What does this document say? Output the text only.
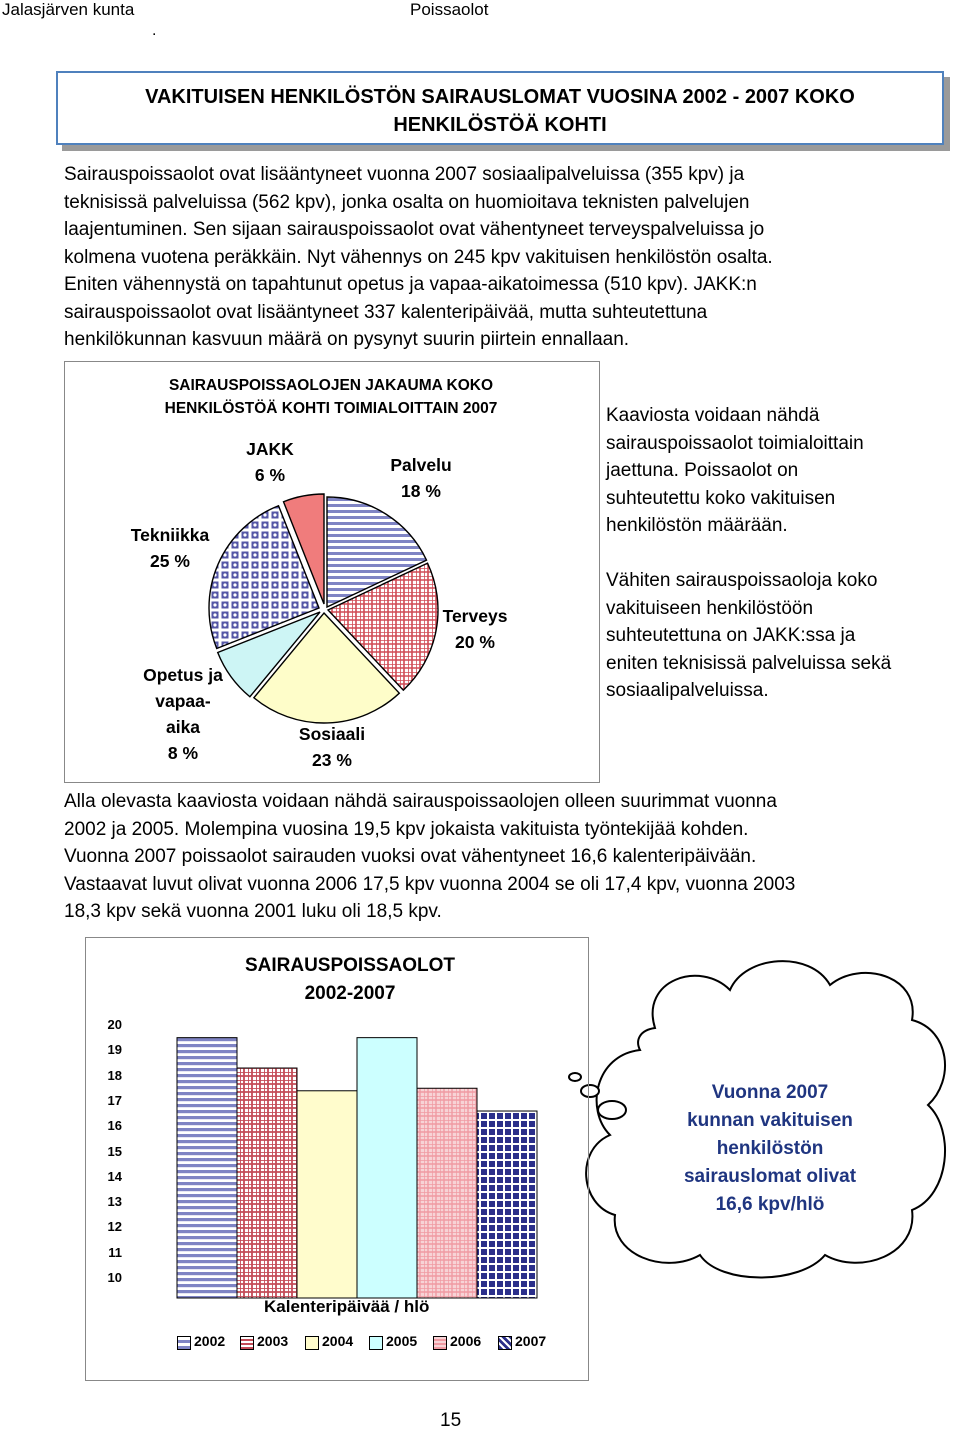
Jalasjärven kunta	Poissaolot
.
VAKITUISEN HENKILÖSTÖN SAIRAUSLOMAT VUOSINA 2002 - 2007 KOKO
HENKILÖSTÖÄ KOHTI
Sairauspoissaolot ovat lisääntyneet vuonna 2007 sosiaalipalveluissa (355 kpv) ja
teknisissä palveluissa (562 kpv), jonka osalta on huomioitava teknisten palvelujen
laajentuminen. Sen sijaan sairauspoissaolot ovat vähentyneet terveyspalveluissa jo
kolmena vuotena peräkkäin. Nyt vähennys on 245 kpv vakituisen henkilöstön osalta.
Eniten vähennystä on tapahtunut opetus ja vapaa-aikatoimessa (510 kpv). JAKK:n
sairauspoissaolot ovat lisääntyneet 337 kalenteripäivää, mutta suhteutettuna
henkilökunnan kasvuun määrä on pysynyt suurin piirtein ennallaan.
SAIRAUSPOISSAOLOJEN JAKAUMA KOKO
HENKILÖSTÖÄ KOHTI TOIMIALOITTAIN 2007
JAKK
6 %	Palvelu
18 %
Terveys
20 %
Sosiaali
23 %
Opetus ja
vapaa-
aika
8 %
Tekniikka
25 %
Kaaviosta voidaan nähdä
sairauspoissaolot toimialoittain
jaettuna. Poissaolot on
suhteutettu koko vakituisen
henkilöstön määrään.
Vähiten sairauspoissaoloja koko
vakituiseen henkilöstöön
suhteutettuna on JAKK:ssa ja
eniten teknisissä palveluissa sekä
sosiaalipalveluissa.
Alla olevasta kaaviosta voidaan nähdä sairauspoissaolojen olleen suurimmat vuonna
2002 ja 2005. Molempina vuosina 19,5 kpv jokaista vakituista työntekijää kohden.
Vuonna 2007 poissaolot sairauden vuoksi ovat vähentyneet 16,6 kalenteripäivään.
Vastaavat luvut olivat vuonna 2006 17,5 kpv vuonna 2004 se oli 17,4 kpv, vuonna 2003
18,3 kpv sekä vuonna 2001 luku oli 18,5 kpv.
SAIRAUSPOISSAOLOT
2002-2007
20
19
18
17
16
15
14
13
12
11
10
Kalenteripäivää / hlö
2002 2003 2004 2005 2006 2007
Vuonna 2007
kunnan vakituisen
henkilöstön
sairauslomat olivat
16,6 kpv/hlö
15
